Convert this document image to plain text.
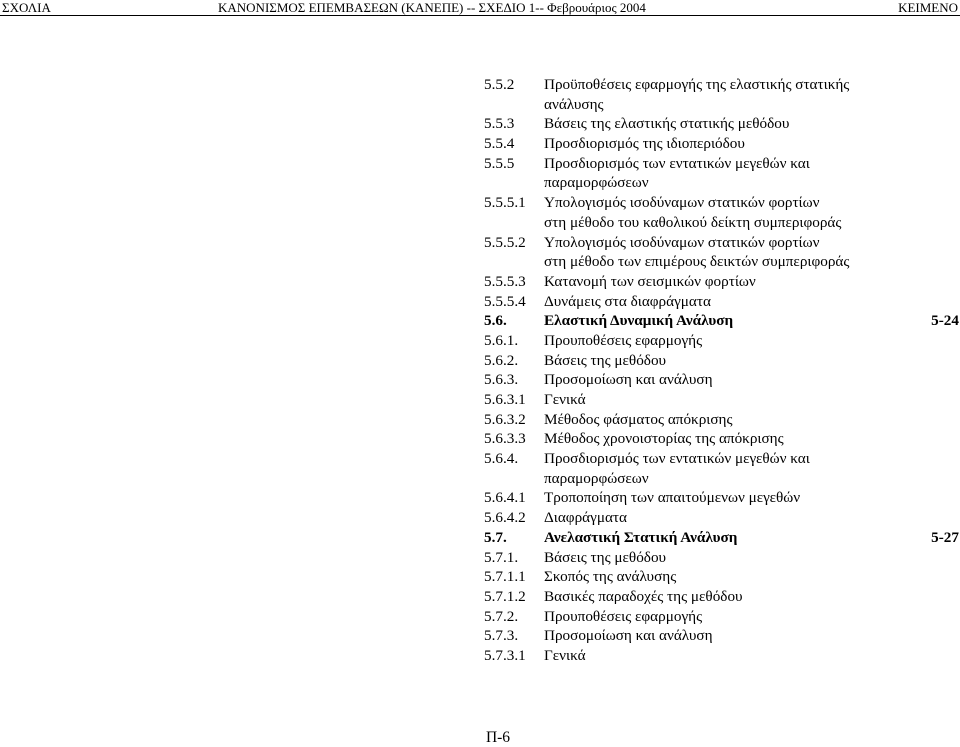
ΣΧΟΛΙΑ	ΚΑΝΟΝΙΣΜΟΣ ΕΠΕΜΒΑΣΕΩΝ (ΚΑΝΕΠΕ) -- ΣΧΕΔΙΟ 1-- Φεβρουάριος 2004	ΚΕΙΜΕΝΟ
5.5.2 Προϋποθέσεις εφαρμογής της ελαστικής στατικής
ανάλυσης
5.5.3 Βάσεις της ελαστικής στατικής μεθόδου
5.5.4 Προσδιορισμός της ιδιοπεριόδου
5.5.5 Προσδιορισμός των εντατικών μεγεθών και
παραμορφώσεων
5.5.5.1 Υπολογισμός ισοδύναμων στατικών φορτίων
στη μέθοδο του καθολικού δείκτη συμπεριφοράς
5.5.5.2 Υπολογισμός ισοδύναμων στατικών φορτίων
στη μέθοδο των επιμέρους δεικτών συμπεριφοράς
5.5.5.3 Κατανομή των σεισμικών φορτίων
5.5.5.4 Δυνάμεις στα διαφράγματα
5.6. Ελαστική Δυναμική Ανάλυση	5-24
5.6.1. Προυποθέσεις εφαρμογής
5.6.2. Βάσεις της μεθόδου
5.6.3. Προσομοίωση και ανάλυση
5.6.3.1 Γενικά
5.6.3.2 Μέθοδος φάσματος απόκρισης
5.6.3.3 Μέθοδος χρονοιστορίας της απόκρισης
5.6.4. Προσδιορισμός των εντατικών μεγεθών και
παραμορφώσεων
5.6.4.1 Τροποποίηση των απαιτούμενων μεγεθών
5.6.4.2 Διαφράγματα
5.7. Ανελαστική Στατική Ανάλυση	5-27
5.7.1. Βάσεις της μεθόδου
5.7.1.1 Σκοπός της ανάλυσης
5.7.1.2 Βασικές παραδοχές της μεθόδου
5.7.2. Προυποθέσεις εφαρμογής
5.7.3. Προσομοίωση και ανάλυση
5.7.3.1 Γενικά
Π-6
